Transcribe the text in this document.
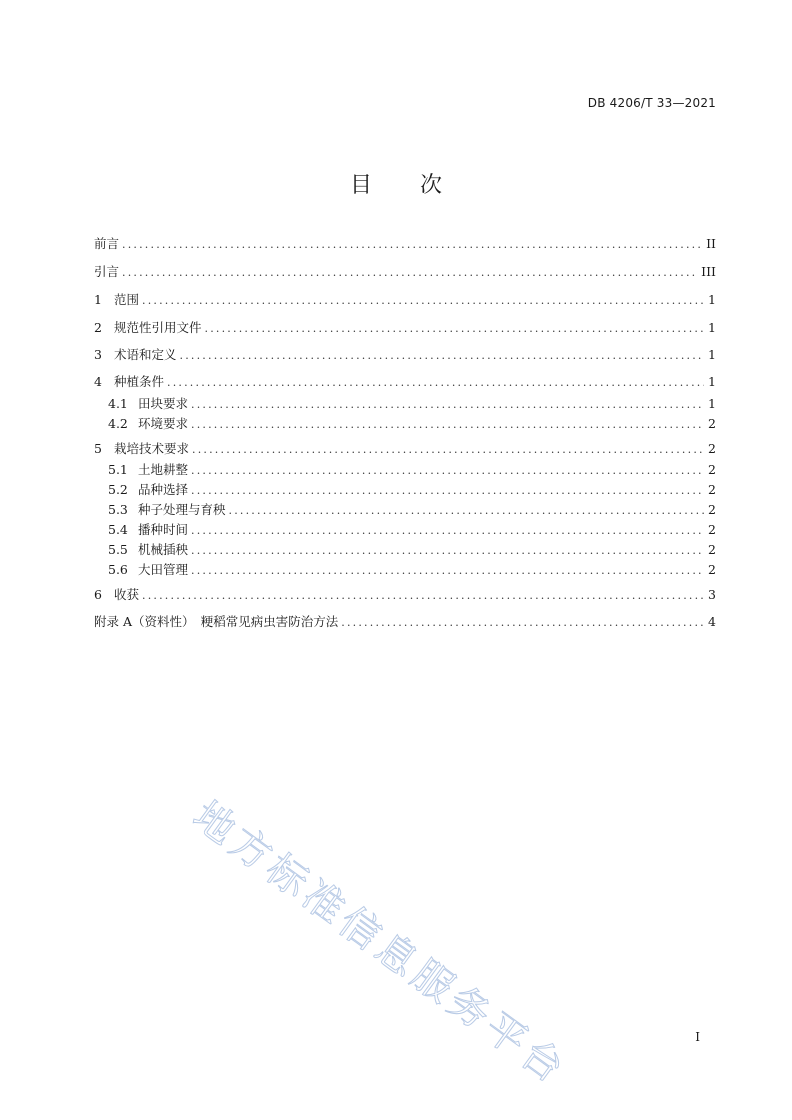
DB 4206/T 33—2021
目 次
前言 .....	II
引言 .....	III
1 范围 .....	1
2 规范性引用文件 .....	1
3 术语和定义 .....	1
4 种植条件 .....	1
4.1 田块要求 .....	1
4.2 环境要求 .....	2
5 栽培技术要求 .....	2
5.1 土地耕整 .....	2
5.2 品种选择 .....	2
5.3 种子处理与育秧 .....	2
5.4 播种时间 .....	2
5.5 机械插秧 .....	2
5.6 大田管理 .....	2
6 收获 .....	3
附录 A（资料性）　粳稻常见病虫害防治方法 .....	4
地方标准信息服务平台	I
